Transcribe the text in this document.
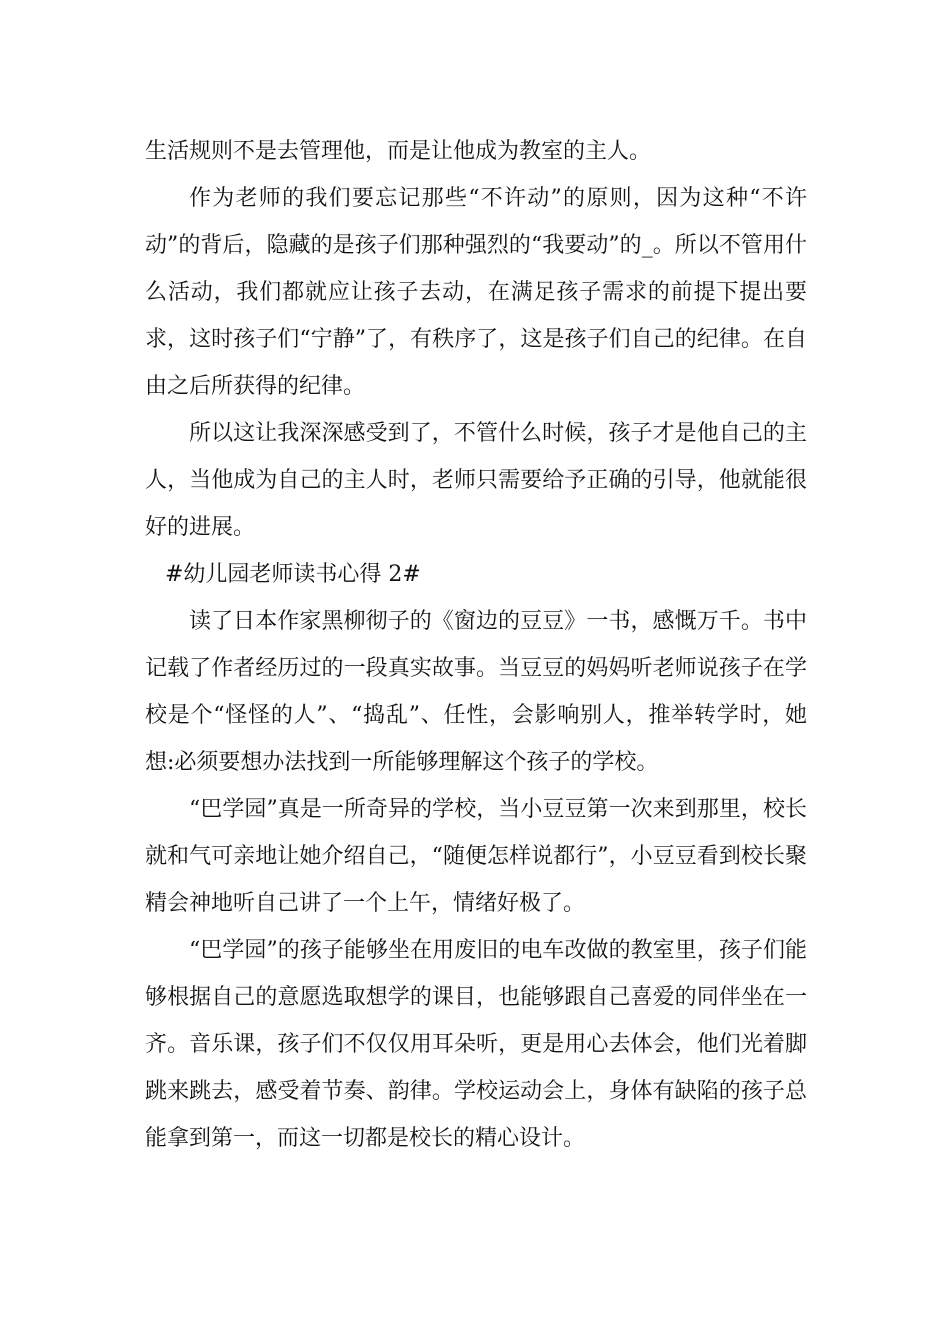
生活规则不是去管理他，而是让他成为教室的主人。

作为老师的我们要忘记那些“不许动”的原则，因为这种“不许动”的背后，隐藏的是孩子们那种强烈的“我要动”的_。所以不管用什么活动，我们都就应让孩子去动，在满足孩子需求的前提下提出要求，这时孩子们“宁静”了，有秩序了，这是孩子们自己的纪律。在自由之后所获得的纪律。

所以这让我深深感受到了，不管什么时候，孩子才是他自己的主人，当他成为自己的主人时，老师只需要给予正确的引导，他就能很好的进展。

#幼儿园老师读书心得 2#

读了日本作家黑柳彻子的《窗边的豆豆》一书，感慨万千。书中记载了作者经历过的一段真实故事。当豆豆的妈妈听老师说孩子在学校是个“怪怪的人”、“捣乱”、任性，会影响别人，推举转学时，她想:必须要想办法找到一所能够理解这个孩子的学校。

“巴学园”真是一所奇异的学校，当小豆豆第一次来到那里，校长就和气可亲地让她介绍自己，“随便怎样说都行”，小豆豆看到校长聚精会神地听自己讲了一个上午，情绪好极了。

“巴学园”的孩子能够坐在用废旧的电车改做的教室里，孩子们能够根据自己的意愿选取想学的课目，也能够跟自己喜爱的同伴坐在一齐。音乐课，孩子们不仅仅用耳朵听，更是用心去体会，他们光着脚跳来跳去，感受着节奏、韵律。学校运动会上，身体有缺陷的孩子总能拿到第一，而这一切都是校长的精心设计。
